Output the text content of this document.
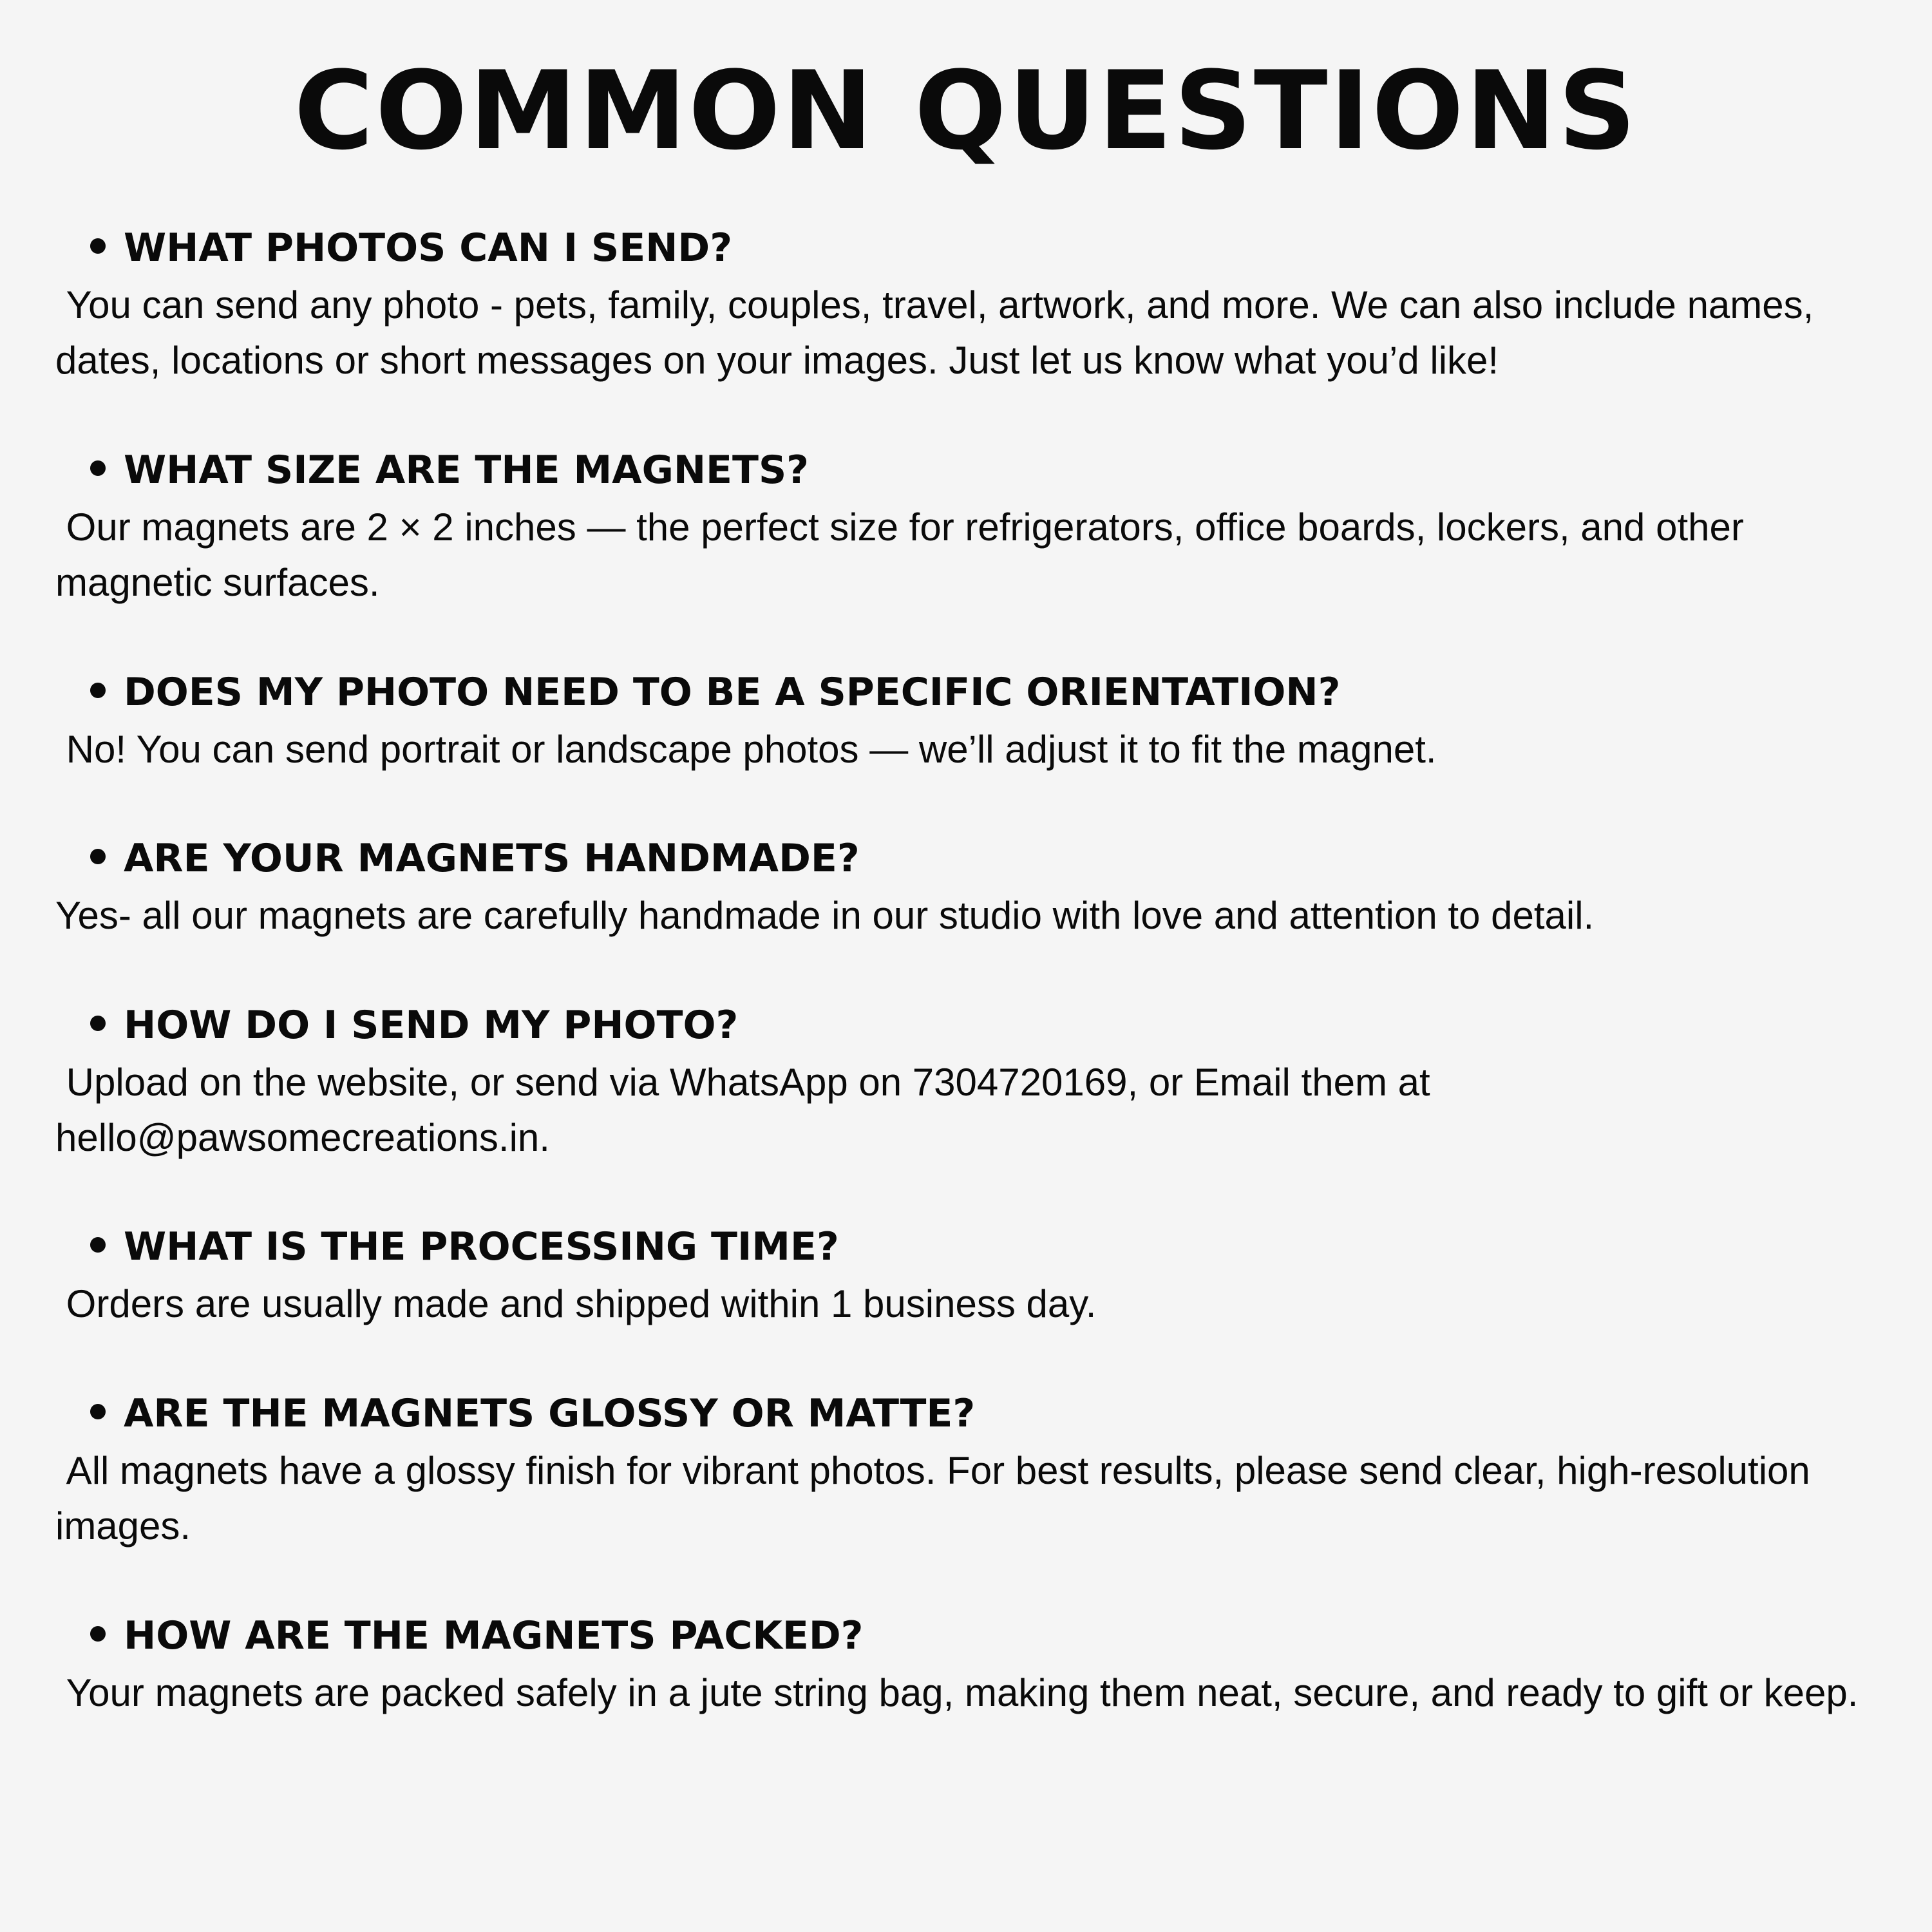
COMMON QUESTIONS

WHAT PHOTOS CAN I SEND?

You can send any photo - pets, family, couples, travel, artwork, and more. We can also include names, dates, locations or short messages on your images. Just let us know what you’d like!

WHAT SIZE ARE THE MAGNETS?

Our magnets are 2 × 2 inches — the perfect size for refrigerators, office boards, lockers, and other magnetic surfaces.

DOES MY PHOTO NEED TO BE A SPECIFIC ORIENTATION?

No! You can send portrait or landscape photos — we’ll adjust it to fit the magnet.

ARE YOUR MAGNETS HANDMADE?

Yes- all our magnets are carefully handmade in our studio with love and attention to detail.

HOW DO I SEND MY PHOTO?

Upload on the website, or send via WhatsApp on 7304720169, or Email them at hello@pawsomecreations.in.

WHAT IS THE PROCESSING TIME?

Orders are usually made and shipped within 1 business day.

ARE THE MAGNETS GLOSSY OR MATTE?

All magnets have a glossy finish for vibrant photos. For best results, please send clear, high-resolution images.

HOW ARE THE MAGNETS PACKED?

Your magnets are packed safely in a jute string bag, making them neat, secure, and ready to gift or keep.
